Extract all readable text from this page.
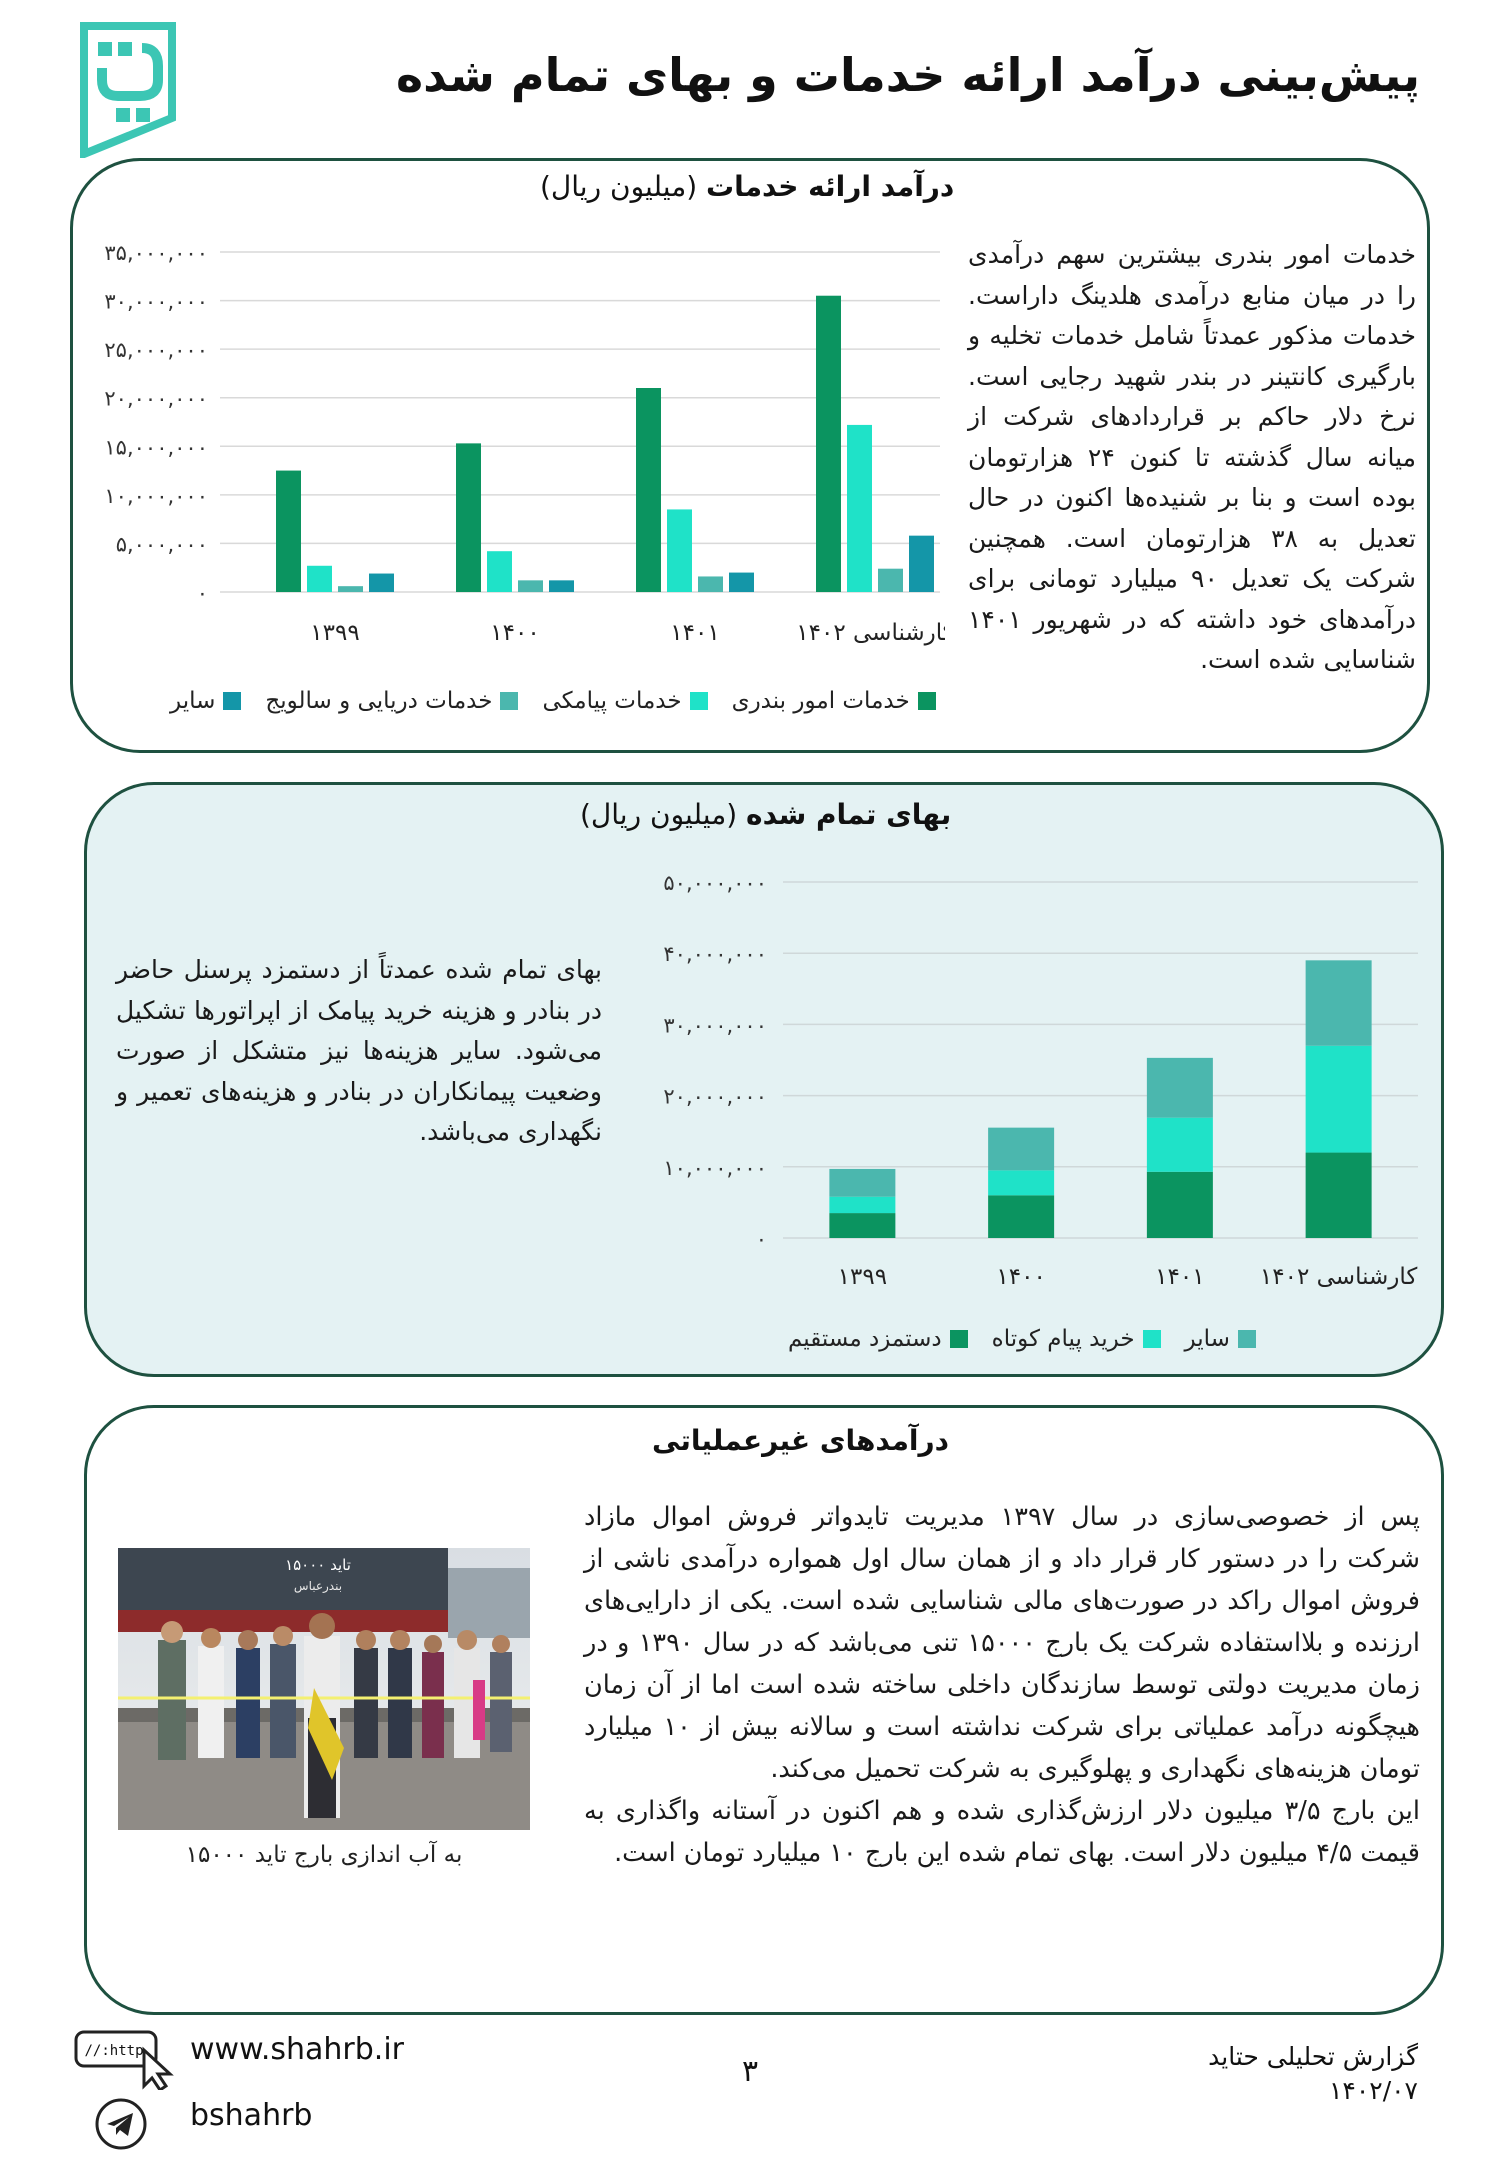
پیش‌بینی درآمد ارائه خدمات و بهای تمام شده
درآمد ارائه خدمات (میلیون ریال)

خدمات امور بندری بیشترین سهم درآمدی را در میان منابع درآمدی هلدینگ داراست. خدمات مذکور عمدتاً شامل خدمات تخلیه و بارگیری کانتینر در بندر شهید رجایی است. نرخ دلار حاکم بر قراردادهای شرکت از میانه سال گذشته تا کنون ۲۴ هزارتومان بوده است و بنا بر شنیده‌ها اکنون در حال تعدیل به ۳۸ هزارتومان است. همچنین شرکت یک تعدیل ۹۰ میلیارد تومانی برای درآمدهای خود داشته که در شهریور ۱۴۰۱ شناسایی شده است.

۰
۵,۰۰۰,۰۰۰
۱۰,۰۰۰,۰۰۰
۱۵,۰۰۰,۰۰۰
۲۰,۰۰۰,۰۰۰
۲۵,۰۰۰,۰۰۰
۳۰,۰۰۰,۰۰۰
۳۵,۰۰۰,۰۰۰
۱۳۹۹	۱۴۰۰	۱۴۰۱	کارشناسی ۱۴۰۲
خدمات امور بندری
خدمات پیامکی
خدمات دریایی و سالویج
سایر
بهای تمام شده (میلیون ریال)

بهای تمام شده عمدتاً از دستمزد پرسنل حاضر در بنادر و هزینه خرید پیامک از اپراتورها تشکیل می‌شود. سایر هزینه‌ها نیز متشکل از صورت وضعیت پیمانکاران در بنادر و هزینه‌های تعمیر و نگهداری می‌باشد.

۰
۱۰,۰۰۰,۰۰۰
۲۰,۰۰۰,۰۰۰
۳۰,۰۰۰,۰۰۰
۴۰,۰۰۰,۰۰۰
۵۰,۰۰۰,۰۰۰
۱۳۹۹	۱۴۰۰	۱۴۰۱ کارشناسی ۱۴۰۲
سایر
خرید پیام کوتاه
دستمزد مستقیم
درآمدهای غیرعملیاتی

پس از خصوصی‌سازی در سال ۱۳۹۷ مدیریت تایدواتر فروش اموال مازاد شرکت را در دستور کار قرار داد و از همان سال اول همواره درآمدی ناشی از فروش اموال راکد در صورت‌های مالی شناسایی شده است. یکی از دارایی‌های ارزنده و بلااستفاده شرکت یک بارج ۱۵۰۰۰ تنی می‌باشد که در سال ۱۳۹۰ و در زمان مدیریت دولتی توسط سازندگان داخلی ساخته شده است اما از آن زمان هیچگونه درآمد عملیاتی برای شرکت نداشته است و سالانه بیش از ۱۰ میلیارد تومان هزینه‌های نگهداری و پهلوگیری به شرکت تحمیل می‌کند.

این بارج ۳/۵ میلیون دلار ارزش‌گذاری شده و هم اکنون در آستانه واگذاری به قیمت ۴/۵ میلیون دلار است. بهای تمام شده این بارج ۱۰ میلیارد تومان است.

تاید ۱۵۰۰۰
بندرعباس
به آب اندازی بارج تاید ۱۵۰۰۰
گزارش تحلیلی حتاید
۱۴۰۲/۰۷
۳
http:// www.shahrb.ir
bshahrb
